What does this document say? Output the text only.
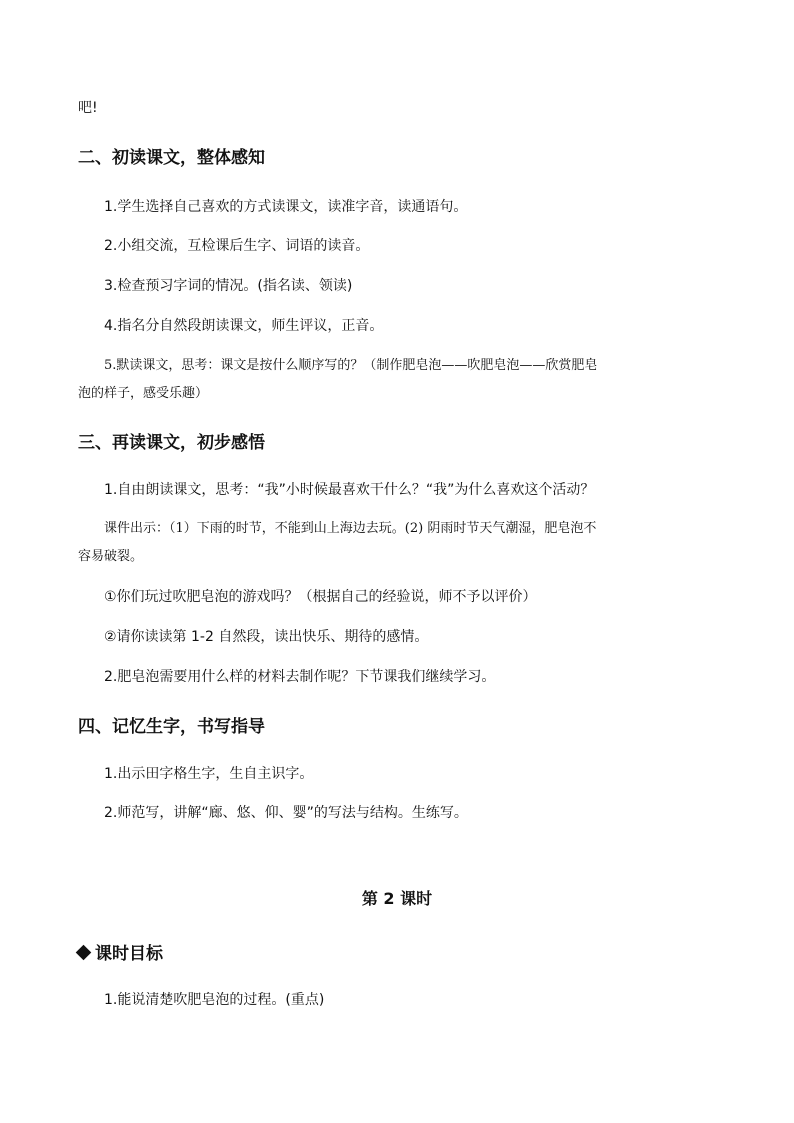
吧!
二、初读课文，整体感知
1.学生选择自己喜欢的方式读课文，读准字音，读通语句。
2.小组交流，互检课后生字、词语的读音。
3.检查预习字词的情况。(指名读、领读)
4.指名分自然段朗读课文，师生评议，正音。
5.默读课文，思考：课文是按什么顺序写的？（制作肥皂泡——吹肥皂泡——欣赏肥皂
泡的样子，感受乐趣）
三、再读课文，初步感悟
1.自由朗读课文，思考：“我”小时候最喜欢干什么？“我”为什么喜欢这个活动？
课件出示：（1）下雨的时节，不能到山上海边去玩。(2) 阴雨时节天气潮湿，肥皂泡不
容易破裂。
①你们玩过吹肥皂泡的游戏吗？（根据自己的经验说，师不予以评价）
②请你读读第 1-2 自然段，读出快乐、期待的感情。
2.肥皂泡需要用什么样的材料去制作呢？下节课我们继续学习。
四、记忆生字，书写指导
1.出示田字格生字，生自主识字。
2.师范写，讲解“廊、悠、仰、婴”的写法与结构。生练写。
第 2 课时
课时目标
1.能说清楚吹肥皂泡的过程。(重点)
